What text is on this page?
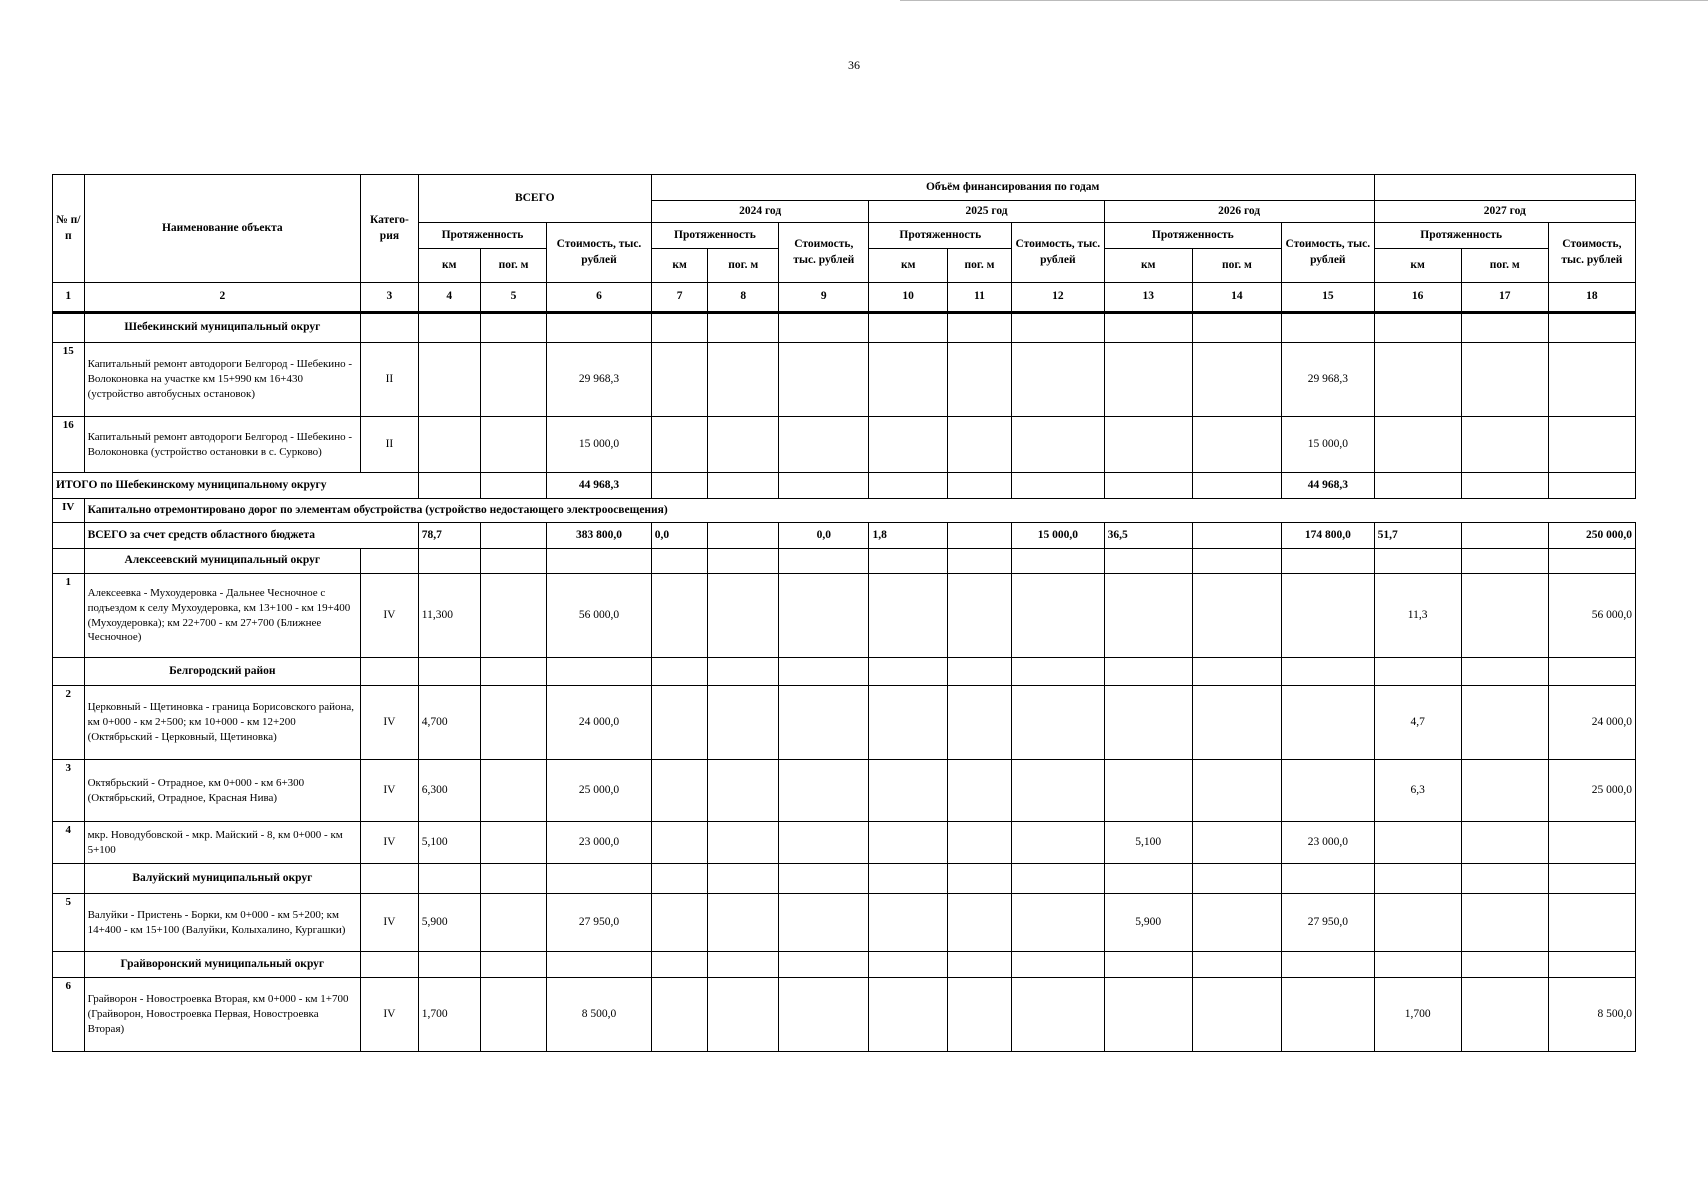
36
№ п/п	Наименование объекта	Катего-рия	ВСЕГО			Объём финансирования по годам											
						2024 год			2025 год			2026 год			2027 год		
			Протяженность		Стоимость, тыс. рублей	Протяженность		Стоимость, тыс. рублей	Протяженность		Стоимость, тыс. рублей	Протяженность		Стоимость, тыс. рублей	Протяженность		Стоимость, тыс. рублей
			км	пог. м		км	пог. м		км	пог. м		км	пог. м		км	пог. м	
1	2	3	4	5	6	7	8	9	10	11	12	13	14	15	16	17	18
	Шебекинский муниципальный округ																
15	Капитальный ремонт автодороги Белгород - Шебекино - Волоконовка на участке км 15+990 км 16+430 (устройство автобусных остановок)	II			29 968,3									29 968,3			
16	Капитальный ремонт автодороги Белгород - Шебекино - Волоконовка (устройство остановки в с. Сурково)	II			15 000,0									15 000,0			
ИТОГО по Шебекинскому муниципальному округу					44 968,3									44 968,3			
IV	Капитально отремонтировано дорог по элементам обустройства (устройство недостающего электроосвещения)																
	ВСЕГО за счет средств областного бюджета		78,7		383 800,0	0,0		0,0	1,8		15 000,0	36,5		174 800,0	51,7		250 000,0
	Алексеевский муниципальный округ																
1	Алексеевка - Мухоудеровка - Дальнее Чесночное с подъездом к селу Мухоудеровка, км 13+100 - км 19+400 (Мухоудеровка); км 22+700 - км 27+700 (Ближнее Чесночное)	IV	11,300		56 000,0										11,3		56 000,0
	Белгородский район																
2	Церковный - Щетиновка - граница Борисовского района, км 0+000 - км 2+500; км 10+000 - км 12+200 (Октябрьский - Церковный, Щетиновка)	IV	4,700		24 000,0										4,7		24 000,0
3	Октябрьский - Отрадное, км 0+000 - км 6+300 (Октябрьский, Отрадное, Красная Нива)	IV	6,300		25 000,0										6,3		25 000,0
4	мкр. Новодубовской - мкр. Майский - 8, км 0+000 - км 5+100	IV	5,100		23 000,0							5,100		23 000,0			
	Валуйский муниципальный округ																
5	Валуйки - Пристень - Борки, км 0+000 - км 5+200; км 14+400 - км 15+100 (Валуйки, Колыхалино, Кургашки)	IV	5,900		27 950,0							5,900		27 950,0			
	Грайворонский муниципальный округ																
6	Грайворон - Новостроевка Вторая, км 0+000 - км 1+700 (Грайворон, Новостроевка Первая, Новостроевка Вторая)	IV	1,700		8 500,0										1,700		8 500,0
